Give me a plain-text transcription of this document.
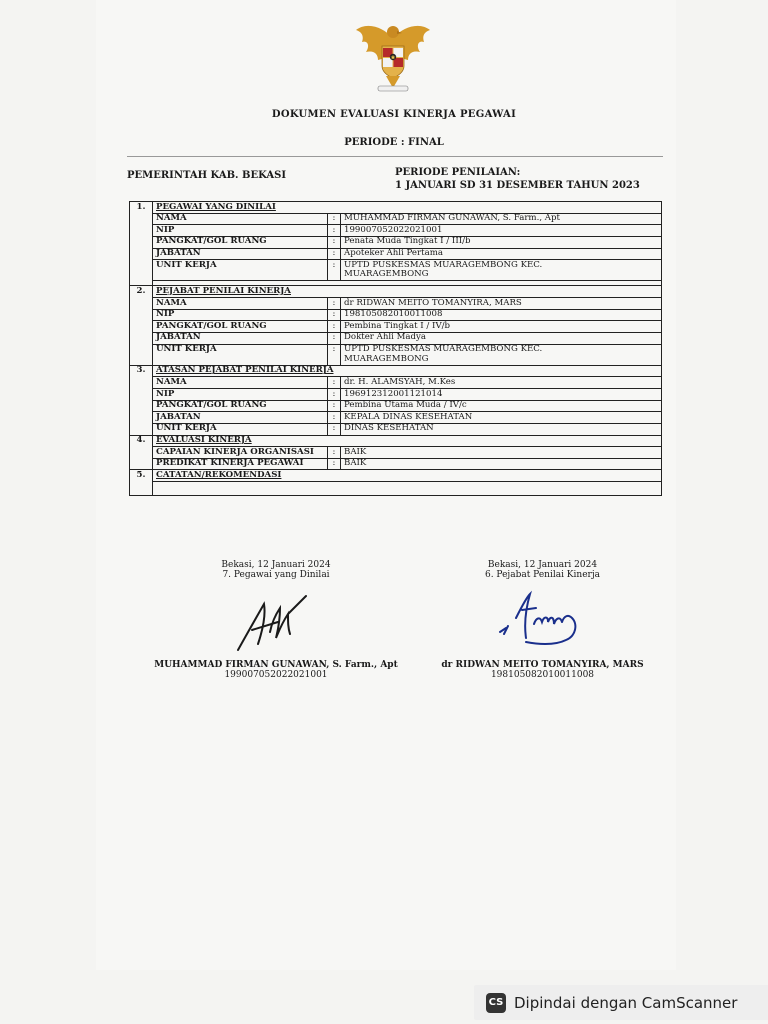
DOKUMEN EVALUASI KINERJA PEGAWAI
PERIODE : FINAL
PEMERINTAH KAB. BEKASI	PERIODE PENILAIAN:
1 JANUARI SD 31 DESEMBER TAHUN 2023
1.	PEGAWAI YANG DINILAI		
	NAMA	:	MUHAMMAD FIRMAN GUNAWAN, S. Farm., Apt
	NIP	:	199007052022021001
	PANGKAT/GOL RUANG	:	Penata Muda Tingkat I / III/b
	JABATAN	:	Apoteker Ahli Pertama
	UNIT KERJA	:	UPTD PUSKESMAS MUARAGEMBONG KEC.
MUARAGEMBONG

2.	PEJABAT PENILAI KINERJA		
	NAMA	:	dr RIDWAN MEITO TOMANYIRA, MARS
	NIP	:	198105082010011008
	PANGKAT/GOL RUANG	:	Pembina Tingkat I / IV/b
	JABATAN	:	Dokter Ahli Madya
	UNIT KERJA	:	UPTD PUSKESMAS MUARAGEMBONG KEC.
MUARAGEMBONG
3.	ATASAN PEJABAT PENILAI KINERJA		
	NAMA	:	dr. H. ALAMSYAH, M.Kes
	NIP	:	196912312001121014
	PANGKAT/GOL RUANG	:	Pembina Utama Muda / IV/c
	JABATAN	:	KEPALA DINAS KESEHATAN
	UNIT KERJA	:	DINAS KESEHATAN
4.	EVALUASI KINERJA		
	CAPAIAN KINERJA ORGANISASI	:	BAIK
	PREDIKAT KINERJA PEGAWAI	:	BAIK
5.	CATATAN/REKOMENDASI		

Bekasi, 12 Januari 2024
7. Pegawai yang Dinilai
MUHAMMAD FIRMAN GUNAWAN, S. Farm., Apt
199007052022021001
Bekasi, 12 Januari 2024
6. Pejabat Penilai Kinerja
dr RIDWAN MEITO TOMANYIRA, MARS
198105082010011008
CS Dipindai dengan CamScanner
